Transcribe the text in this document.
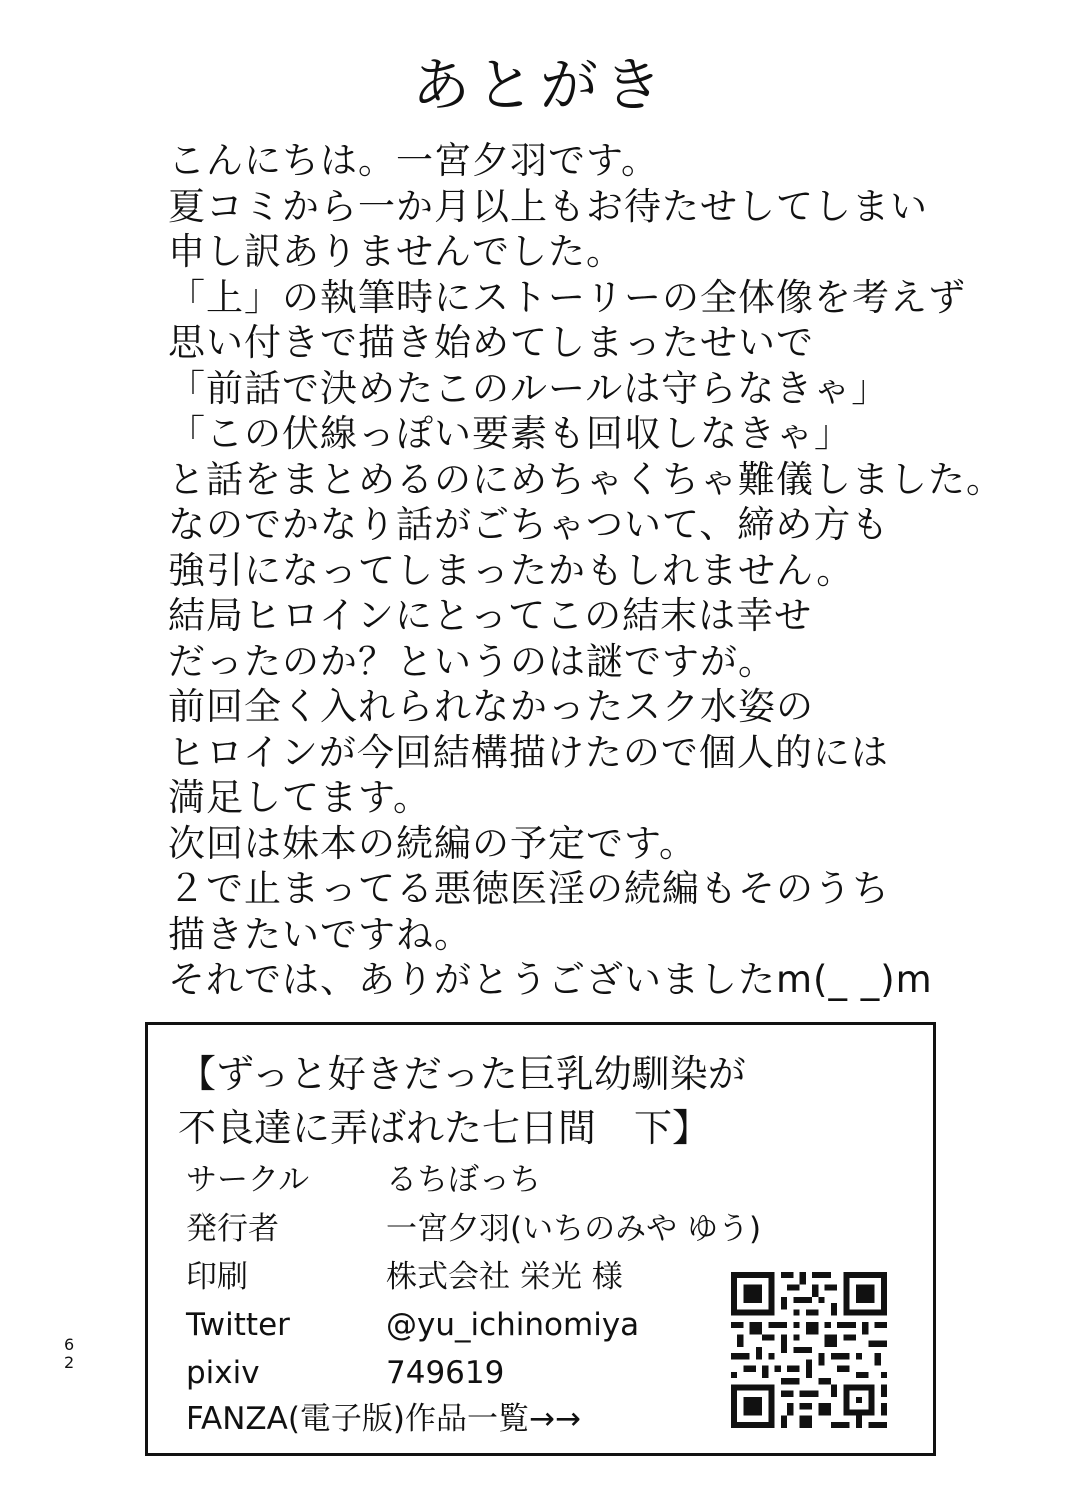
あとがき
こんにちは。一宮夕羽です。
夏コミから一か月以上もお待たせしてしまい
申し訳ありませんでした。
「上」の執筆時にストーリーの全体像を考えず
思い付きで描き始めてしまったせいで
「前話で決めたこのルールは守らなきゃ」
「この伏線っぽい要素も回収しなきゃ」
と話をまとめるのにめちゃくちゃ難儀しました。
なのでかなり話がごちゃついて、締め方も
強引になってしまったかもしれません。
結局ヒロインにとってこの結末は幸せ
だったのか？というのは謎ですが。
前回全く入れられなかったスク水姿の
ヒロインが今回結構描けたので個人的には
満足してます。
次回は妹本の続編の予定です。
２で止まってる悪徳医淫の続編もそのうち
描きたいですね。
それでは、ありがとうございましたm(_ _)m
6
2
【ずっと好きだった巨乳幼馴染が
不良達に弄ばれた七日間　下】
サークル るちぼっち
発行者	一宮夕羽(いちのみや ゆう)
印刷	株式会社 栄光 様
Twitter	@yu_ichinomiya
pixiv	749619
FANZA(電子版)作品一覧→→
